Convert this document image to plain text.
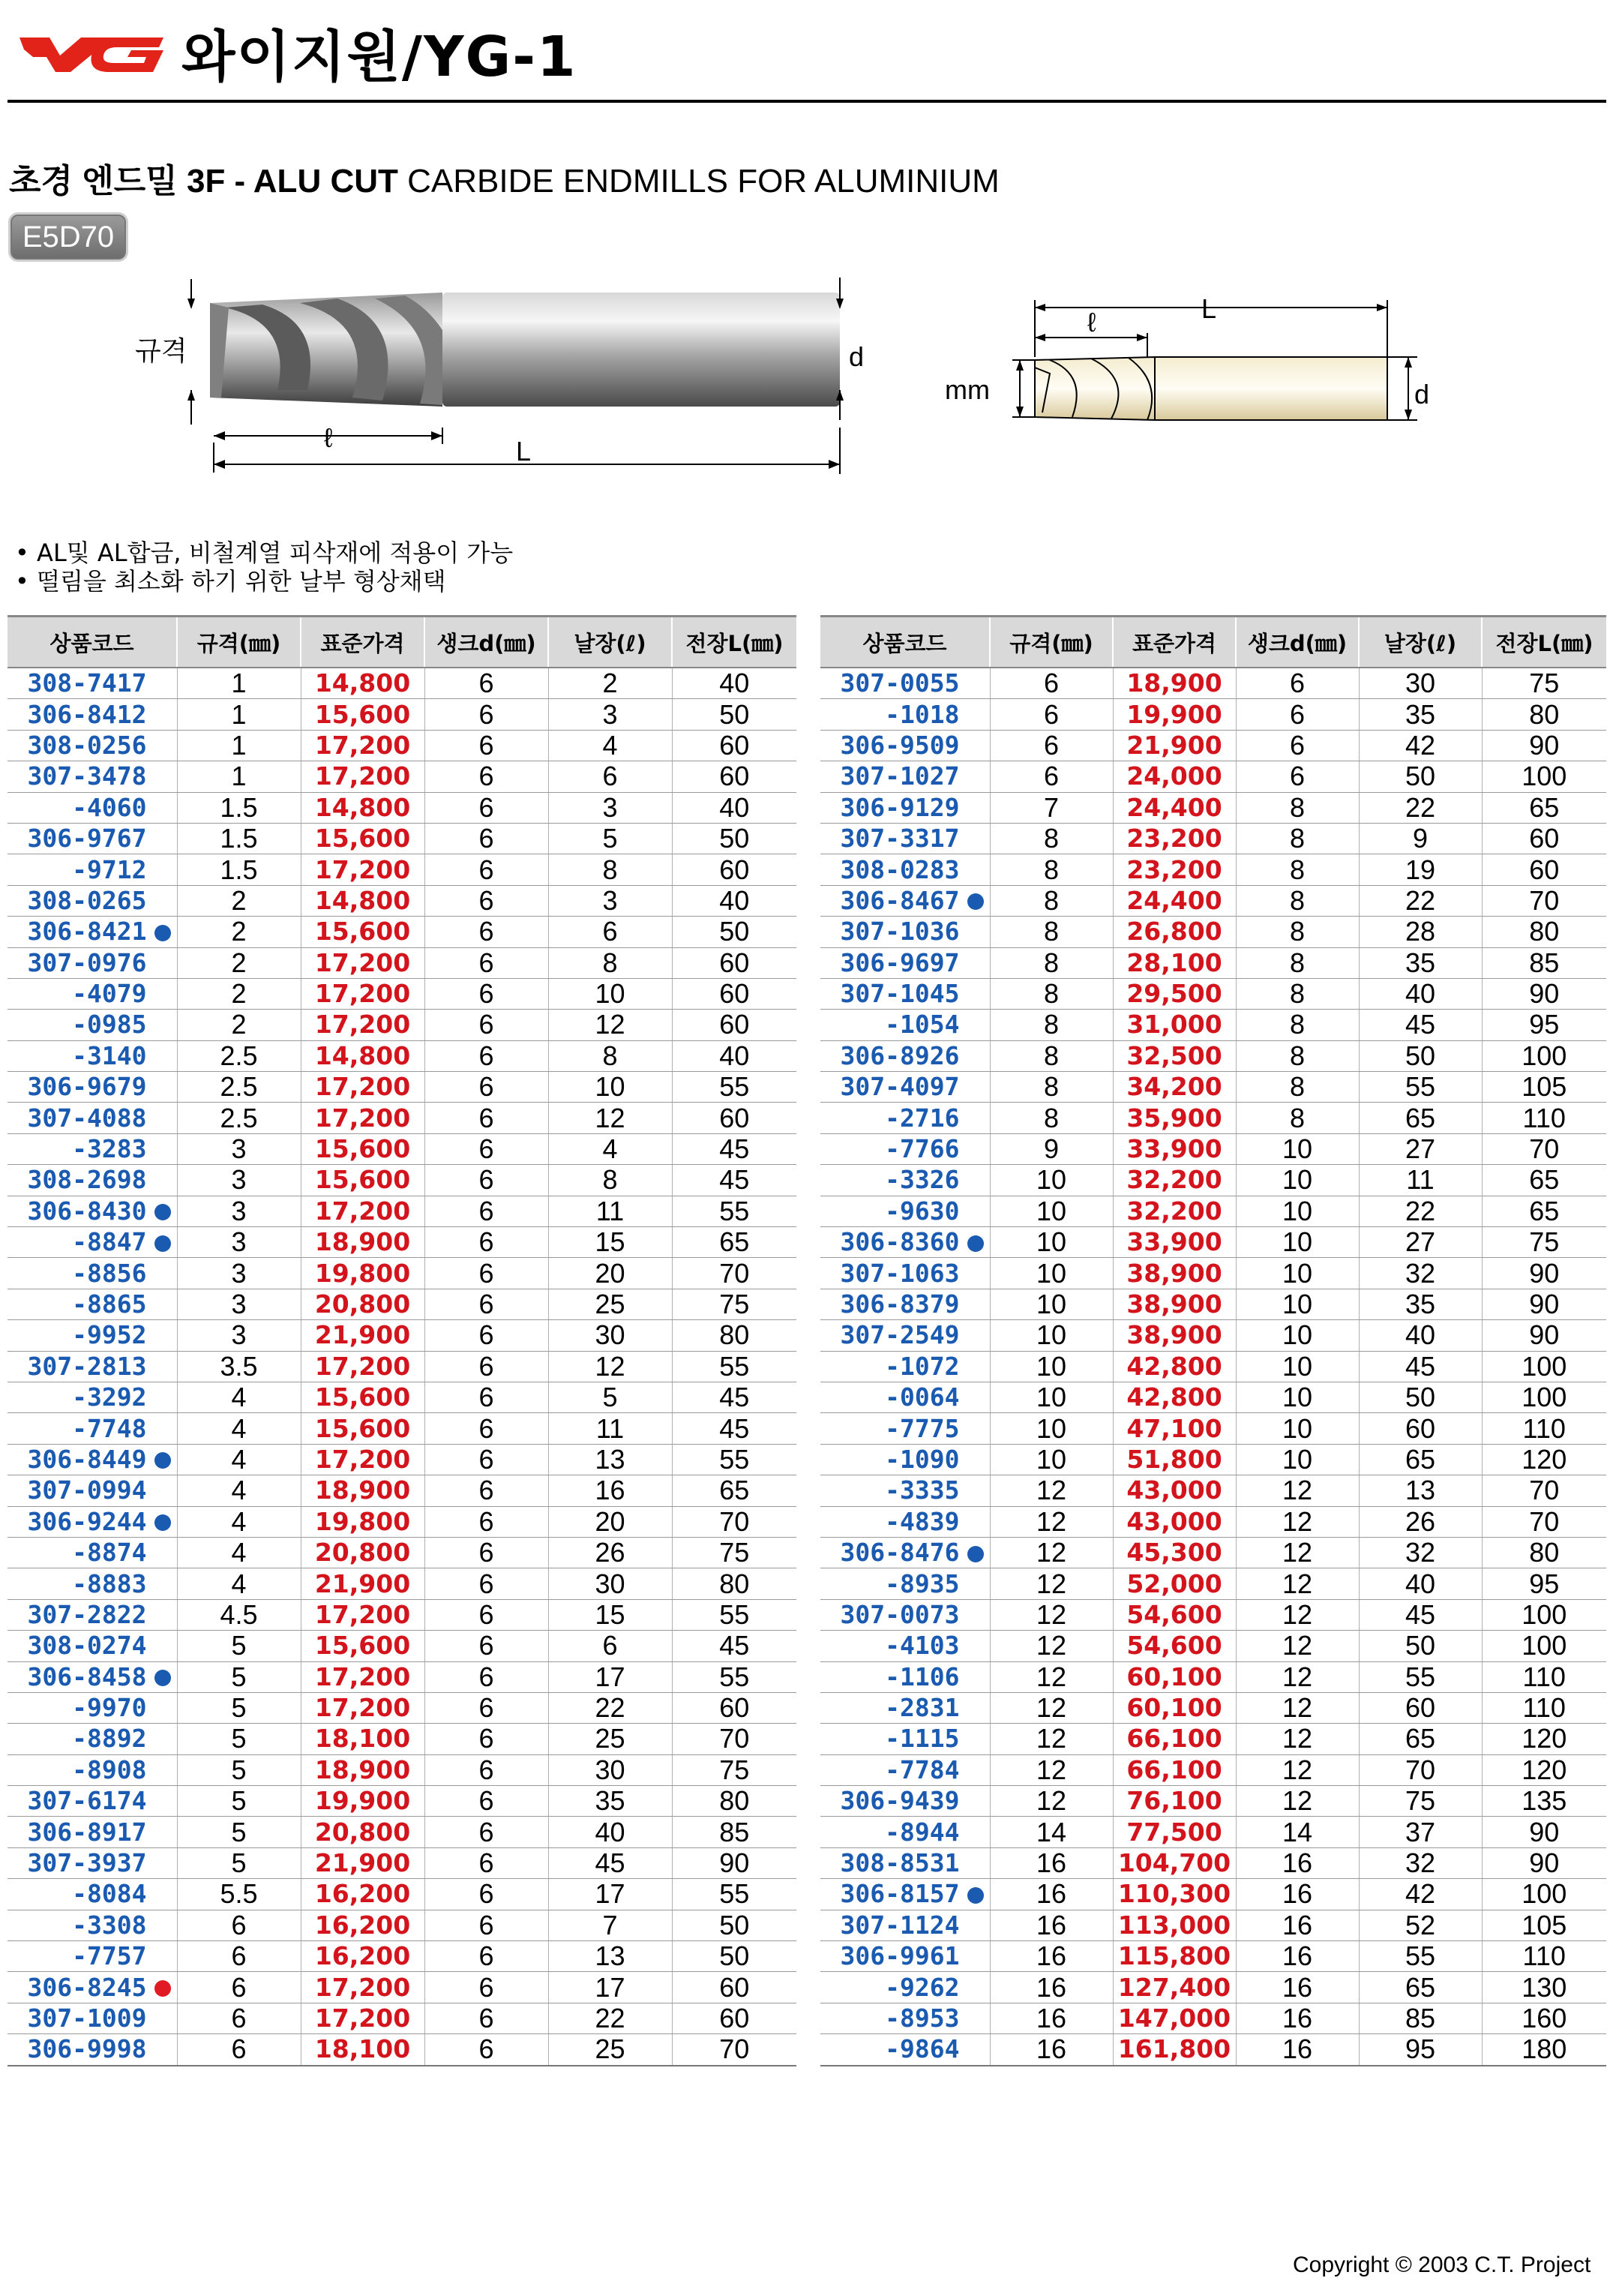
와이지원/YG-1
초경 엔드밀 3F - ALU CUT CARBIDE ENDMILLS FOR ALUMINIUM
E5D70
규격	d
ℓ	L
L
ℓ
mm	d
• AL및 AL합금, 비철계열 피삭재에 적용이 가능
• 떨림을 최소화 하기 위한 날부 형상채택
상품코드	규격(㎜)	표준가격	생크d(㎜)	날장(ℓ)	전장L(㎜)
308-7417	1	14,800	6	2	40
306-8412	1	15,600	6	3	50
308-0256	1	17,200	6	4	60
307-3478	1	17,200	6	6	60
-4060	1.5	14,800	6	3	40
306-9767	1.5	15,600	6	5	50
-9712	1.5	17,200	6	8	60
308-0265	2	14,800	6	3	40
306-8421	2	15,600	6	6	50
307-0976	2	17,200	6	8	60
-4079	2	17,200	6	10	60
-0985	2	17,200	6	12	60
-3140	2.5	14,800	6	8	40
306-9679	2.5	17,200	6	10	55
307-4088	2.5	17,200	6	12	60
-3283	3	15,600	6	4	45
308-2698	3	15,600	6	8	45
306-8430	3	17,200	6	11	55
-8847	3	18,900	6	15	65
-8856	3	19,800	6	20	70
-8865	3	20,800	6	25	75
-9952	3	21,900	6	30	80
307-2813	3.5	17,200	6	12	55
-3292	4	15,600	6	5	45
-7748	4	15,600	6	11	45
306-8449	4	17,200	6	13	55
307-0994	4	18,900	6	16	65
306-9244	4	19,800	6	20	70
-8874	4	20,800	6	26	75
-8883	4	21,900	6	30	80
307-2822	4.5	17,200	6	15	55
308-0274	5	15,600	6	6	45
306-8458	5	17,200	6	17	55
-9970	5	17,200	6	22	60
-8892	5	18,100	6	25	70
-8908	5	18,900	6	30	75
307-6174	5	19,900	6	35	80
306-8917	5	20,800	6	40	85
307-3937	5	21,900	6	45	90
-8084	5.5	16,200	6	17	55
-3308	6	16,200	6	7	50
-7757	6	16,200	6	13	50
306-8245	6	17,200	6	17	60
307-1009	6	17,200	6	22	60
306-9998	6	18,100	6	25	70
상품코드	규격(㎜)	표준가격	생크d(㎜)	날장(ℓ)	전장L(㎜)
307-0055	6	18,900	6	30	75
-1018	6	19,900	6	35	80
306-9509	6	21,900	6	42	90
307-1027	6	24,000	6	50	100
306-9129	7	24,400	8	22	65
307-3317	8	23,200	8	9	60
308-0283	8	23,200	8	19	60
306-8467	8	24,400	8	22	70
307-1036	8	26,800	8	28	80
306-9697	8	28,100	8	35	85
307-1045	8	29,500	8	40	90
-1054	8	31,000	8	45	95
306-8926	8	32,500	8	50	100
307-4097	8	34,200	8	55	105
-2716	8	35,900	8	65	110
-7766	9	33,900	10	27	70
-3326	10	32,200	10	11	65
-9630	10	32,200	10	22	65
306-8360	10	33,900	10	27	75
307-1063	10	38,900	10	32	90
306-8379	10	38,900	10	35	90
307-2549	10	38,900	10	40	90
-1072	10	42,800	10	45	100
-0064	10	42,800	10	50	100
-7775	10	47,100	10	60	110
-1090	10	51,800	10	65	120
-3335	12	43,000	12	13	70
-4839	12	43,000	12	26	70
306-8476	12	45,300	12	32	80
-8935	12	52,000	12	40	95
307-0073	12	54,600	12	45	100
-4103	12	54,600	12	50	100
-1106	12	60,100	12	55	110
-2831	12	60,100	12	60	110
-1115	12	66,100	12	65	120
-7784	12	66,100	12	70	120
306-9439	12	76,100	12	75	135
-8944	14	77,500	14	37	90
308-8531	16	104,700	16	32	90
306-8157	16	110,300	16	42	100
307-1124	16	113,000	16	52	105
306-9961	16	115,800	16	55	110
-9262	16	127,400	16	65	130
-8953	16	147,000	16	85	160
-9864	16	161,800	16	95	180
Copyright © 2003 C.T. Project
